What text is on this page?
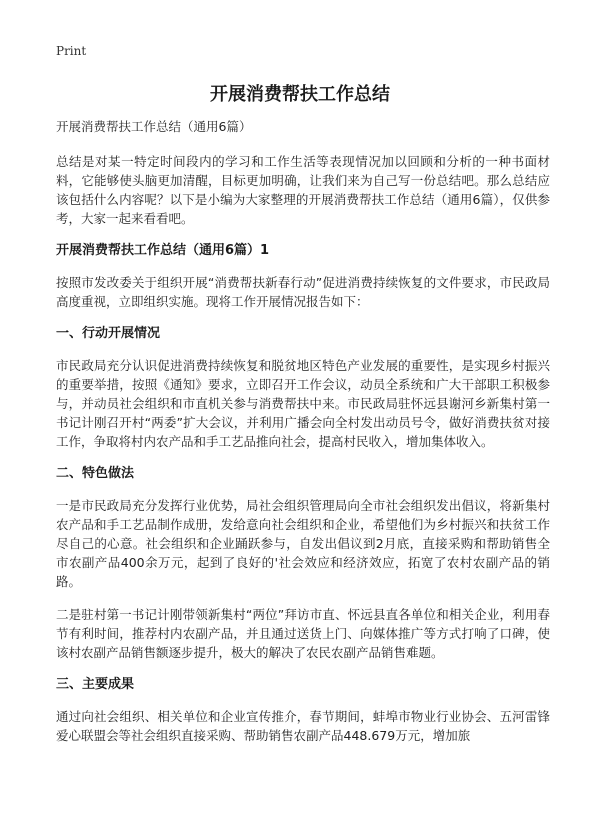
Print
开展消费帮扶工作总结

开展消费帮扶工作总结（通用6篇）

总结是对某一特定时间段内的学习和工作生活等表现情况加以回顾和分析的一种书面材料，它能够使头脑更加清醒，目标更加明确，让我们来为自己写一份总结吧。那么总结应该包括什么内容呢？以下是小编为大家整理的开展消费帮扶工作总结（通用6篇），仅供参考，大家一起来看看吧。

开展消费帮扶工作总结（通用6篇）1

按照市发改委关于组织开展“消费帮扶新春行动”促进消费持续恢复的文件要求，市民政局高度重视，立即组织实施。现将工作开展情况报告如下：

一、行动开展情况

市民政局充分认识促进消费持续恢复和脱贫地区特色产业发展的重要性，是实现乡村振兴的重要举措，按照《通知》要求，立即召开工作会议，动员全系统和广大干部职工积极参与，并动员社会组织和市直机关参与消费帮扶中来。市民政局驻怀远县谢河乡新集村第一书记计刚召开村“两委”扩大会议，并利用广播会向全村发出动员号令，做好消费扶贫对接工作，争取将村内农产品和手工艺品推向社会，提高村民收入，增加集体收入。

二、特色做法

一是市民政局充分发挥行业优势，局社会组织管理局向全市社会组织发出倡议，将新集村农产品和手工艺品制作成册，发给意向社会组织和企业，希望他们为乡村振兴和扶贫工作尽自己的心意。社会组织和企业踊跃参与，自发出倡议到2月底，直接采购和帮助销售全市农副产品400余万元，起到了良好的'社会效应和经济效应，拓宽了农村农副产品的销路。

二是驻村第一书记计刚带领新集村“两位”拜访市直、怀远县直各单位和相关企业，利用春节有利时间，推荐村内农副产品，并且通过送货上门、向媒体推广等方式打响了口碑，使该村农副产品销售额逐步提升，极大的解决了农民农副产品销售难题。

三、主要成果

通过向社会组织、相关单位和企业宣传推介，春节期间，蚌埠市物业行业协会、五河雷锋爱心联盟会等社会组织直接采购、帮助销售农副产品448.679万元，增加旅
